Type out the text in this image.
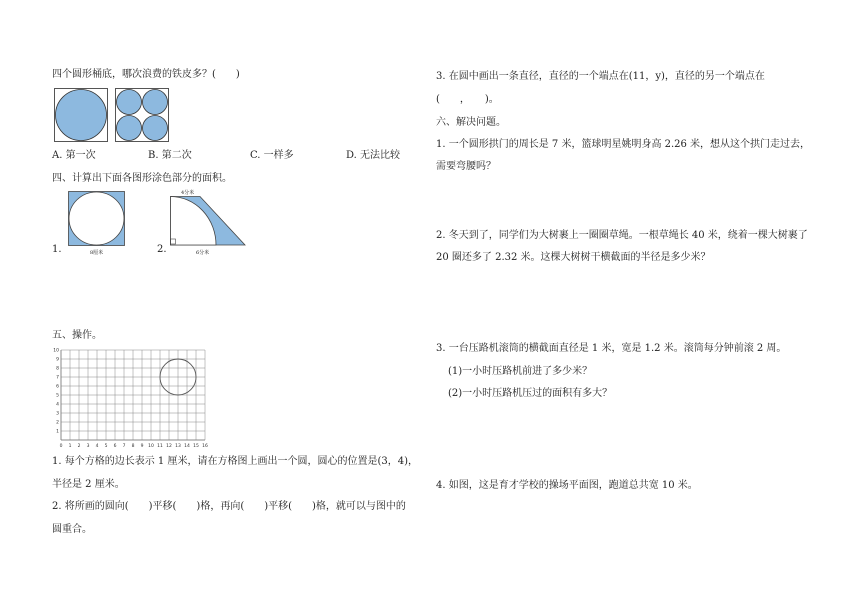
四个圆形桶底，哪次浪费的铁皮多？(　　)
A. 第一次	B. 第二次	C. 一样多	D. 无法比较
四、计算出下面各图形涂色部分的面积。
1.	8厘米	2.
4分米
6分米
五、操作。
0 1 2 3 4 5 6 7 8 9 10 11 12 13 14 15 16
10
9
8
7
6
5
4
3
2
1
1. 每个方格的边长表示 1 厘米，请在方格图上画出一个圆，圆心的位置是(3，4)，
半径是 2 厘米。
2. 将所画的圆向(　　)平移(　　)格，再向(　　)平移(　　)格，就可以与图中的
圆重合。
3. 在圆中画出一条直径，直径的一个端点在(11，y)，直径的另一个端点在
(　　，　　)。
六、解决问题。
1. 一个圆形拱门的周长是 7 米，篮球明星姚明身高 2.26 米，想从这个拱门走过去，
需要弯腰吗？
2. 冬天到了，同学们为大树裹上一圈圈草绳。一根草绳长 40 米，绕着一棵大树裹了
20 圈还多了 2.32 米。这棵大树树干横截面的半径是多少米？
3. 一台压路机滚筒的横截面直径是 1 米，宽是 1.2 米。滚筒每分钟前滚 2 周。
(1)一小时压路机前进了多少米？
(2)一小时压路机压过的面积有多大？
4. 如图，这是育才学校的操场平面图，跑道总共宽 10 米。
